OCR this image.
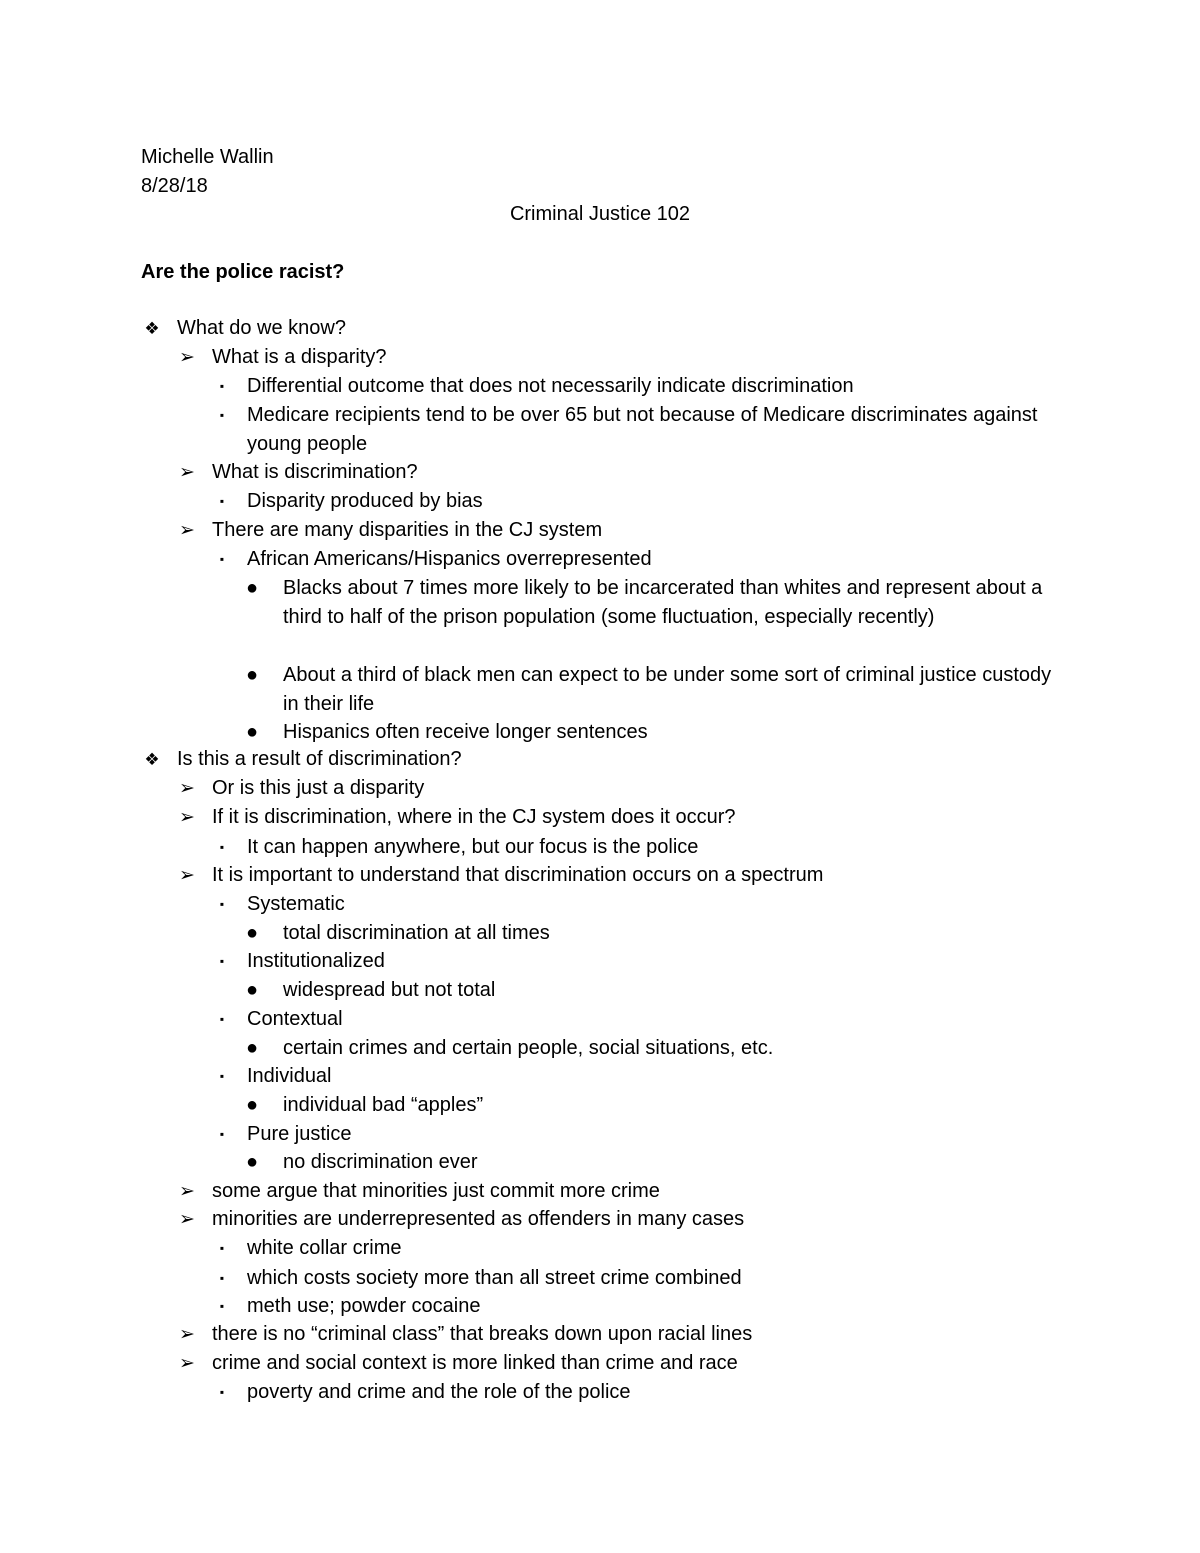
Michelle Wallin
8/28/18
Criminal Justice 102
Are the police racist?
❖ What do we know?
➢ What is a disparity?
▪	Differential outcome that does not necessarily indicate discrimination
▪	Medicare recipients tend to be over 65 but not because of Medicare discriminates against young people
➢ What is discrimination?
▪	Disparity produced by bias
➢ There are many disparities in the CJ system
▪	African Americans/Hispanics overrepresented
● Blacks about 7 times more likely to be incarcerated than whites and represent about a third to half of the prison population (some fluctuation, especially recently)
● About a third of black men can expect to be under some sort of criminal justice custody in their life
● Hispanics often receive longer sentences
❖ Is this a result of discrimination?
➢ Or is this just a disparity
➢ If it is discrimination, where in the CJ system does it occur?
▪	It can happen anywhere, but our focus is the police
➢ It is important to understand that discrimination occurs on a spectrum
▪	Systematic
● total discrimination at all times
▪	Institutionalized
● widespread but not total
▪	Contextual
● certain crimes and certain people, social situations, etc.
▪	Individual
● individual bad “apples”
▪	Pure justice
● no discrimination ever
➢ some argue that minorities just commit more crime
➢ minorities are underrepresented as offenders in many cases
▪	white collar crime
▪	which costs society more than all street crime combined
▪	meth use; powder cocaine
➢ there is no “criminal class” that breaks down upon racial lines
➢ crime and social context is more linked than crime and race
▪	poverty and crime and the role of the police
